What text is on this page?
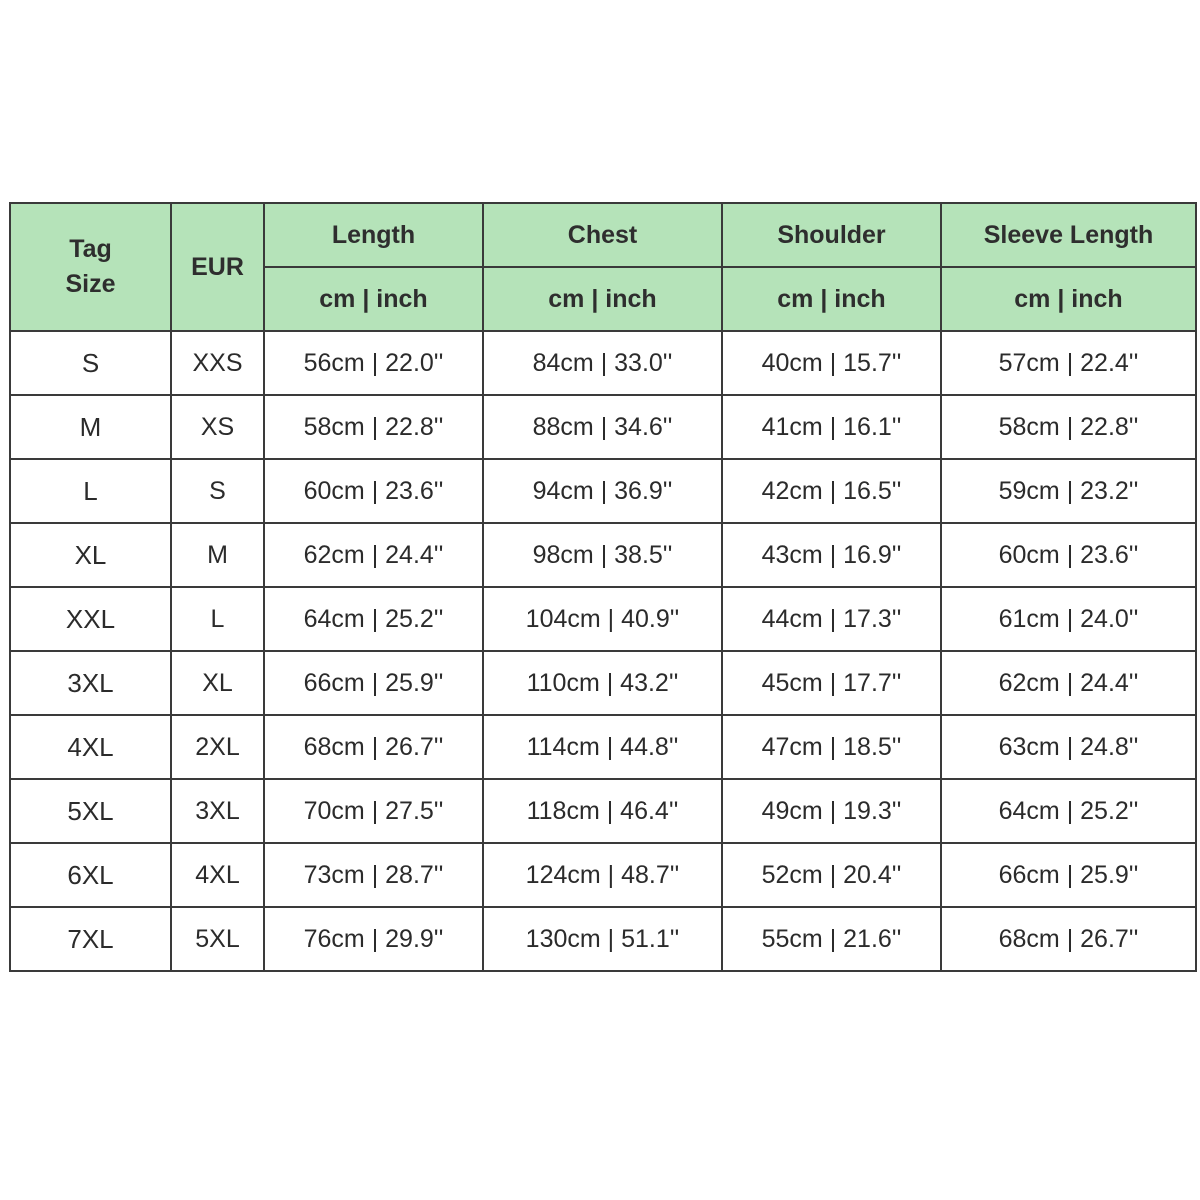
Tag
Size	EUR	Length	Chest	Shoulder	Sleeve Length
		cm | inch	cm | inch	cm | inch	cm | inch
S	XXS	56cm | 22.0''	84cm | 33.0''	40cm | 15.7''	57cm | 22.4''
M	XS	58cm | 22.8''	88cm | 34.6''	41cm | 16.1''	58cm | 22.8''
L	S	60cm | 23.6''	94cm | 36.9''	42cm | 16.5''	59cm | 23.2''
XL	M	62cm | 24.4''	98cm | 38.5''	43cm | 16.9''	60cm | 23.6''
XXL	L	64cm | 25.2''	104cm | 40.9''	44cm | 17.3''	61cm | 24.0''
3XL	XL	66cm | 25.9''	110cm | 43.2''	45cm | 17.7''	62cm | 24.4''
4XL	2XL	68cm | 26.7''	114cm | 44.8''	47cm | 18.5''	63cm | 24.8''
5XL	3XL	70cm | 27.5''	118cm | 46.4''	49cm | 19.3''	64cm | 25.2''
6XL	4XL	73cm | 28.7''	124cm | 48.7''	52cm | 20.4''	66cm | 25.9''
7XL	5XL	76cm | 29.9''	130cm | 51.1''	55cm | 21.6''	68cm | 26.7''
